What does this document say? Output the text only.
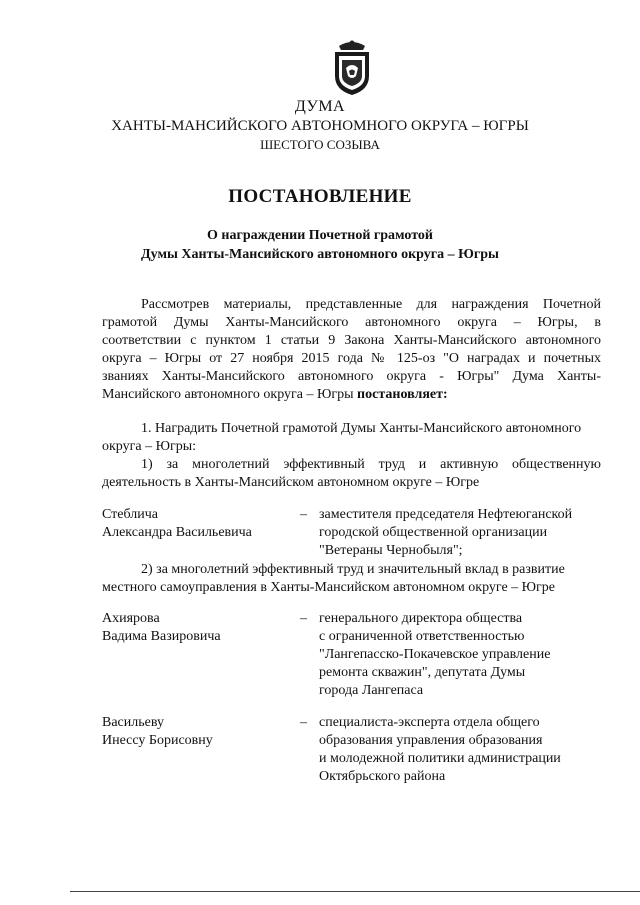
ДУМА
ХАНТЫ-МАНСИЙСКОГО АВТОНОМНОГО ОКРУГА – ЮГРЫ
ШЕСТОГО СОЗЫВА
ПОСТАНОВЛЕНИЕ
О награждении Почетной грамотой
Думы Ханты-Мансийского автономного округа – Югры
Рассмотрев материалы, представленные для награждения Почетной
грамотой Думы Ханты-Мансийского автономного округа – Югры, в
соответствии с пунктом 1 статьи 9 Закона Ханты-Мансийского автономного
округа – Югры от 27 ноября 2015 года № 125-оз "О наградах и почетных
званиях Ханты-Мансийского автономного округа - Югры" Дума Ханты-
Мансийского автономного округа – Югры постановляет:
1. Наградить Почетной грамотой Думы Ханты-Мансийского автономного
округа – Югры:
1) за многолетний эффективный труд и активную общественную
деятельность в Ханты-Мансийском автономном округе – Югре
Стеблича
Александра Васильевича
– заместителя председателя Нефтеюганской
городской общественной организации
"Ветераны Чернобыля";
2) за многолетний эффективный труд и значительный вклад в развитие
местного самоуправления в Ханты-Мансийском автономном округе – Югре
Ахиярова
Вадима Вазировича
– генерального директора общества
с ограниченной ответственностью
"Лангепасско-Покачевское управление
ремонта скважин", депутата Думы
города Лангепаса
Васильеву
Инессу Борисовну
– специалиста-эксперта отдела общего
образования управления образования
и молодежной политики администрации
Октябрьского района
